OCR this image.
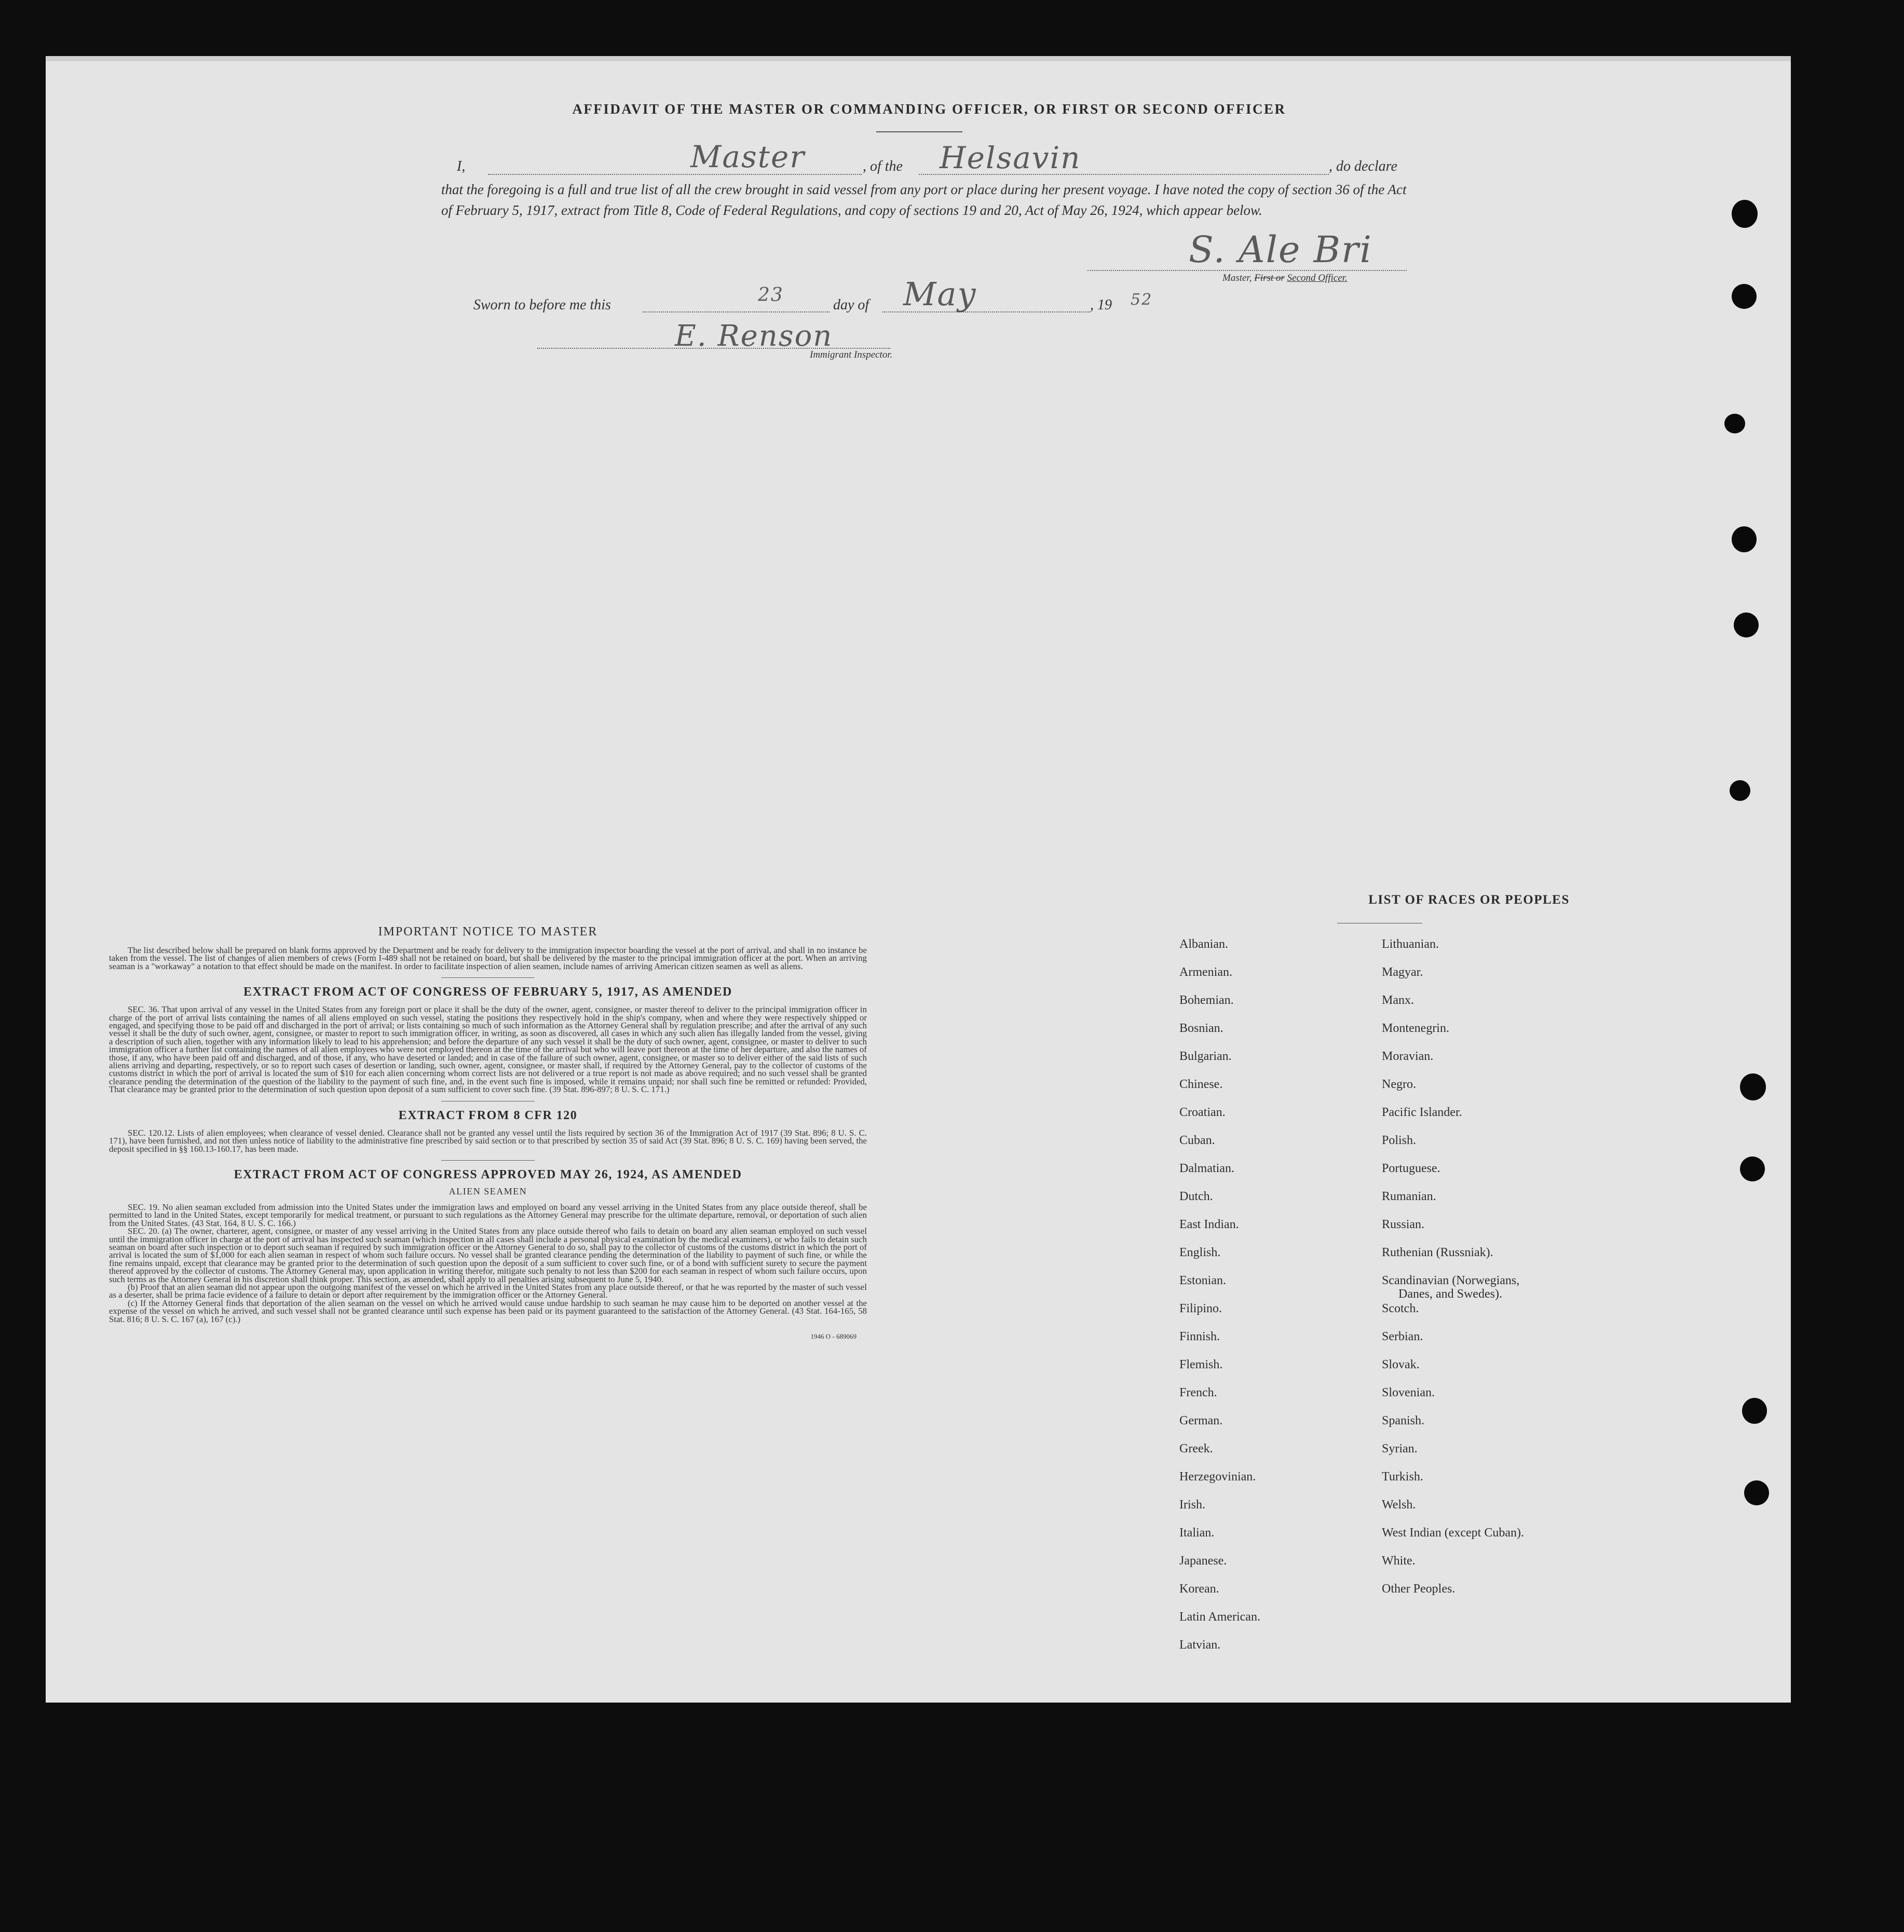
AFFIDAVIT OF THE MASTER OR COMMANDING OFFICER, OR FIRST OR SECOND OFFICER
I,	Master	, of the Helsavin	, do declare
that the foregoing is a full and true list of all the crew brought in said vessel from any port or place during her present voyage. I have noted the copy of section 36 of the Act of February 5, 1917, extract from Title 8, Code of Federal Regulations, and copy of sections 19 and 20, Act of May 26, 1924, which appear below.
S. Ale Bri
Master, First or Second Officer.
Sworn to before me this	23	day of May	, 19 52
E. Renson
Immigrant Inspector.
IMPORTANT NOTICE TO MASTER

The list described below shall be prepared on blank forms approved by the Department and be ready for delivery to the immigration inspector boarding the vessel at the port of arrival, and shall in no instance be taken from the vessel. The list of changes of alien members of crews (Form I-489 shall not be retained on board, but shall be delivered by the master to the principal immigration officer at the port. When an arriving seaman is a "workaway" a notation to that effect should be made on the manifest. In order to facilitate inspection of alien seamen, include names of arriving American citizen seamen as well as aliens.

EXTRACT FROM ACT OF CONGRESS OF FEBRUARY 5, 1917, AS AMENDED

SEC. 36. That upon arrival of any vessel in the United States from any foreign port or place it shall be the duty of the owner, agent, consignee, or master thereof to deliver to the principal immigration officer in charge of the port of arrival lists containing the names of all aliens employed on such vessel, stating the positions they respectively hold in the ship's company, when and where they were respectively shipped or engaged, and specifying those to be paid off and discharged in the port of arrival; or lists containing so much of such information as the Attorney General shall by regulation prescribe; and after the arrival of any such vessel it shall be the duty of such owner, agent, consignee, or master to report to such immigration officer, in writing, as soon as discovered, all cases in which any such alien has illegally landed from the vessel, giving a description of such alien, together with any information likely to lead to his apprehension; and before the departure of any such vessel it shall be the duty of such owner, agent, consignee, or master to deliver to such immigration officer a further list containing the names of all alien employees who were not employed thereon at the time of the arrival but who will leave port thereon at the time of her departure, and also the names of those, if any, who have been paid off and discharged, and of those, if any, who have deserted or landed; and in case of the failure of such owner, agent, consignee, or master so to deliver either of the said lists of such aliens arriving and departing, respectively, or so to report such cases of desertion or landing, such owner, agent, consignee, or master shall, if required by the Attorney General, pay to the collector of customs of the customs district in which the port of arrival is located the sum of $10 for each alien concerning whom correct lists are not delivered or a true report is not made as above required; and no such vessel shall be granted clearance pending the determination of the question of the liability to the payment of such fine, and, in the event such fine is imposed, while it remains unpaid; nor shall such fine be remitted or refunded: Provided, That clearance may be granted prior to the determination of such question upon deposit of a sum sufficient to cover such fine. (39 Stat. 896-897; 8 U. S. C. 171.)

EXTRACT FROM 8 CFR 120

SEC. 120.12. Lists of alien employees; when clearance of vessel denied. Clearance shall not be granted any vessel until the lists required by section 36 of the Immigration Act of 1917 (39 Stat. 896; 8 U. S. C. 171), have been furnished, and not then unless notice of liability to the administrative fine prescribed by said section or to that prescribed by section 35 of said Act (39 Stat. 896; 8 U. S. C. 169) having been served, the deposit specified in §§ 160.13-160.17, has been made.

EXTRACT FROM ACT OF CONGRESS APPROVED MAY 26, 1924, AS AMENDED
ALIEN SEAMEN

SEC. 19. No alien seaman excluded from admission into the United States under the immigration laws and employed on board any vessel arriving in the United States from any place outside thereof, shall be permitted to land in the United States, except temporarily for medical treatment, or pursuant to such regulations as the Attorney General may prescribe for the ultimate departure, removal, or deportation of such alien from the United States. (43 Stat. 164, 8 U. S. C. 166.)

SEC. 20. (a) The owner, charterer, agent, consignee, or master of any vessel arriving in the United States from any place outside thereof who fails to detain on board any alien seaman employed on such vessel until the immigration officer in charge at the port of arrival has inspected such seaman (which inspection in all cases shall include a personal physical examination by the medical examiners), or who fails to detain such seaman on board after such inspection or to deport such seaman if required by such immigration officer or the Attorney General to do so, shall pay to the collector of customs of the customs district in which the port of arrival is located the sum of $1,000 for each alien seaman in respect of whom such failure occurs. No vessel shall be granted clearance pending the determination of the liability to payment of such fine, or while the fine remains unpaid, except that clearance may be granted prior to the determination of such question upon the deposit of a sum sufficient to cover such fine, or of a bond with sufficient surety to secure the payment thereof approved by the collector of customs. The Attorney General may, upon application in writing therefor, mitigate such penalty to not less than $200 for each seaman in respect of whom such failure occurs, upon such terms as the Attorney General in his discretion shall think proper. This section, as amended, shall apply to all penalties arising subsequent to June 5, 1940.

(b) Proof that an alien seaman did not appear upon the outgoing manifest of the vessel on which he arrived in the United States from any place outside thereof, or that he was reported by the master of such vessel as a deserter, shall be prima facie evidence of a failure to detain or deport after requirement by the immigration officer or the Attorney General.

(c) If the Attorney General finds that deportation of the alien seaman on the vessel on which he arrived would cause undue hardship to such seaman he may cause him to be deported on another vessel at the expense of the vessel on which he arrived, and such vessel shall not be granted clearance until such expense has been paid or its payment guaranteed to the satisfaction of the Attorney General. (43 Stat. 164-165, 58 Stat. 816; 8 U. S. C. 167 (a), 167 (c).)

1946 O - 689069
LIST OF RACES OR PEOPLES
Albanian.
Armenian.
Bohemian.
Bosnian.
Bulgarian.
Chinese.
Croatian.
Cuban.
Dalmatian.
Dutch.
East Indian.
English.
Estonian.
Filipino.
Finnish.
Flemish.
French.
German.
Greek.
Herzegovinian.
Irish.
Italian.
Japanese.
Korean.
Latin American.
Latvian.
Lithuanian.
Magyar.
Manx.
Montenegrin.
Moravian.
Negro.
Pacific Islander.
Polish.
Portuguese.
Rumanian.
Russian.
Ruthenian (Russniak).
Scandinavian (Norwegians,
Danes, and Swedes).
Scotch.
Serbian.
Slovak.
Slovenian.
Spanish.
Syrian.
Turkish.
Welsh.
West Indian (except Cuban).
White.
Other Peoples.
